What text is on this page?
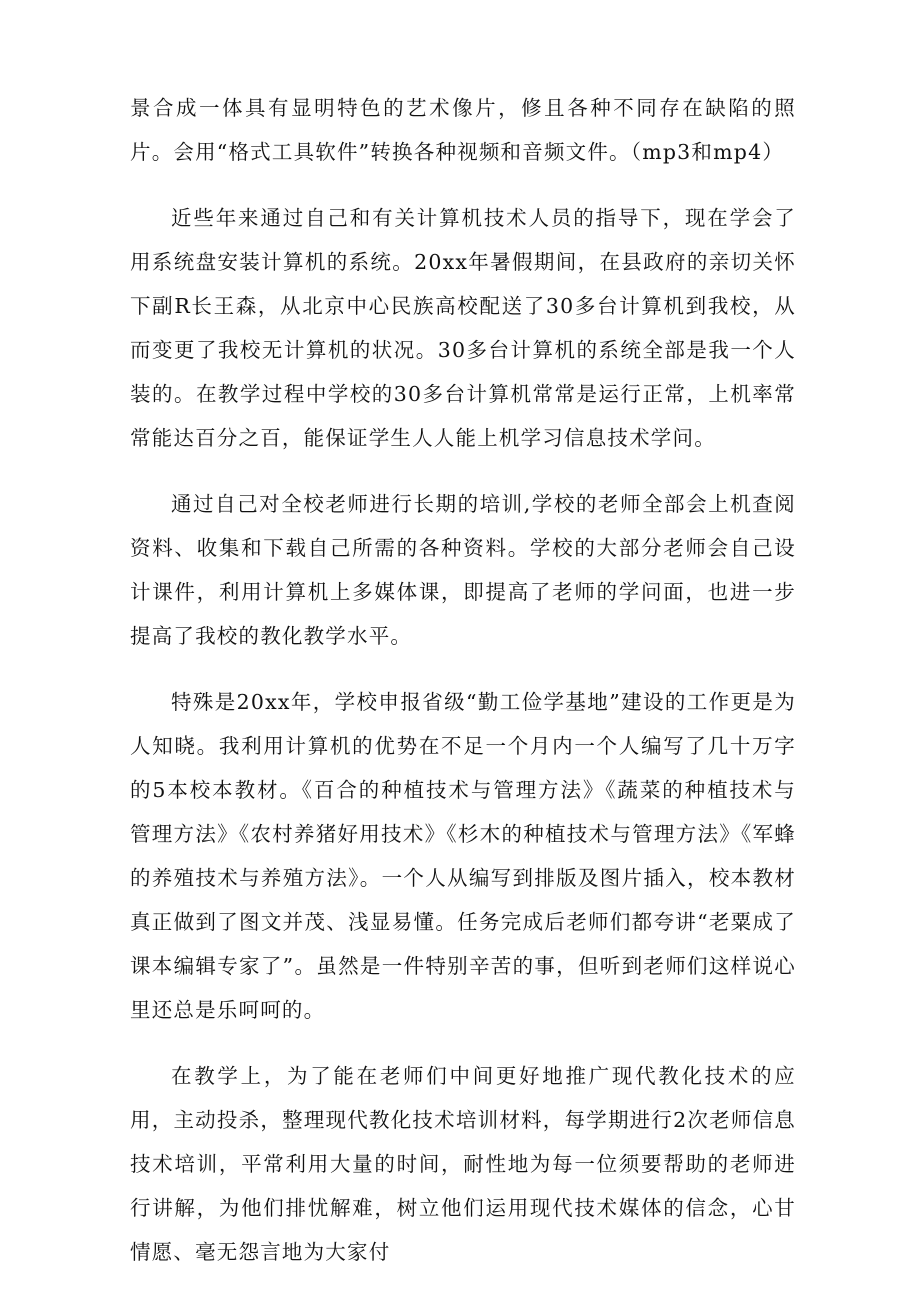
景合成一体具有显明特色的艺术像片，修且各种不同存在缺陷的照片。会用“格式工具软件”转换各种视频和音频文件。（mp3和mp4）

近些年来通过自己和有关计算机技术人员的指导下，现在学会了用系统盘安装计算机的系统。20xx年暑假期间，在县政府的亲切关怀下副R长王森，从北京中心民族高校配送了30多台计算机到我校，从而变更了我校无计算机的状况。30多台计算机的系统全部是我一个人装的。在教学过程中学校的30多台计算机常常是运行正常，上机率常常能达百分之百，能保证学生人人能上机学习信息技术学问。

通过自己对全校老师进行长期的培训,学校的老师全部会上机查阅资料、收集和下载自己所需的各种资料。学校的大部分老师会自己设计课件，利用计算机上多媒体课，即提高了老师的学问面，也进一步提高了我校的教化教学水平。

特殊是20xx年，学校申报省级“勤工俭学基地”建设的工作更是为人知晓。我利用计算机的优势在不足一个月内一个人编写了几十万字的5本校本教材。《百合的种植技术与管理方法》《蔬菜的种植技术与管理方法》《农村养猪好用技术》《杉木的种植技术与管理方法》《军蜂的养殖技术与养殖方法》。一个人从编写到排版及图片插入，校本教材真正做到了图文并茂、浅显易懂。任务完成后老师们都夸讲“老粟成了课本编辑专家了”。虽然是一件特别辛苦的事，但听到老师们这样说心里还总是乐呵呵的。

在教学上，为了能在老师们中间更好地推广现代教化技术的应用，主动投杀，整理现代教化技术培训材料，每学期进行2次老师信息技术培训，平常利用大量的时间，耐性地为每一位须要帮助的老师进行讲解，为他们排忧解难，树立他们运用现代技术媒体的信念，心甘情愿、毫无怨言地为大家付
